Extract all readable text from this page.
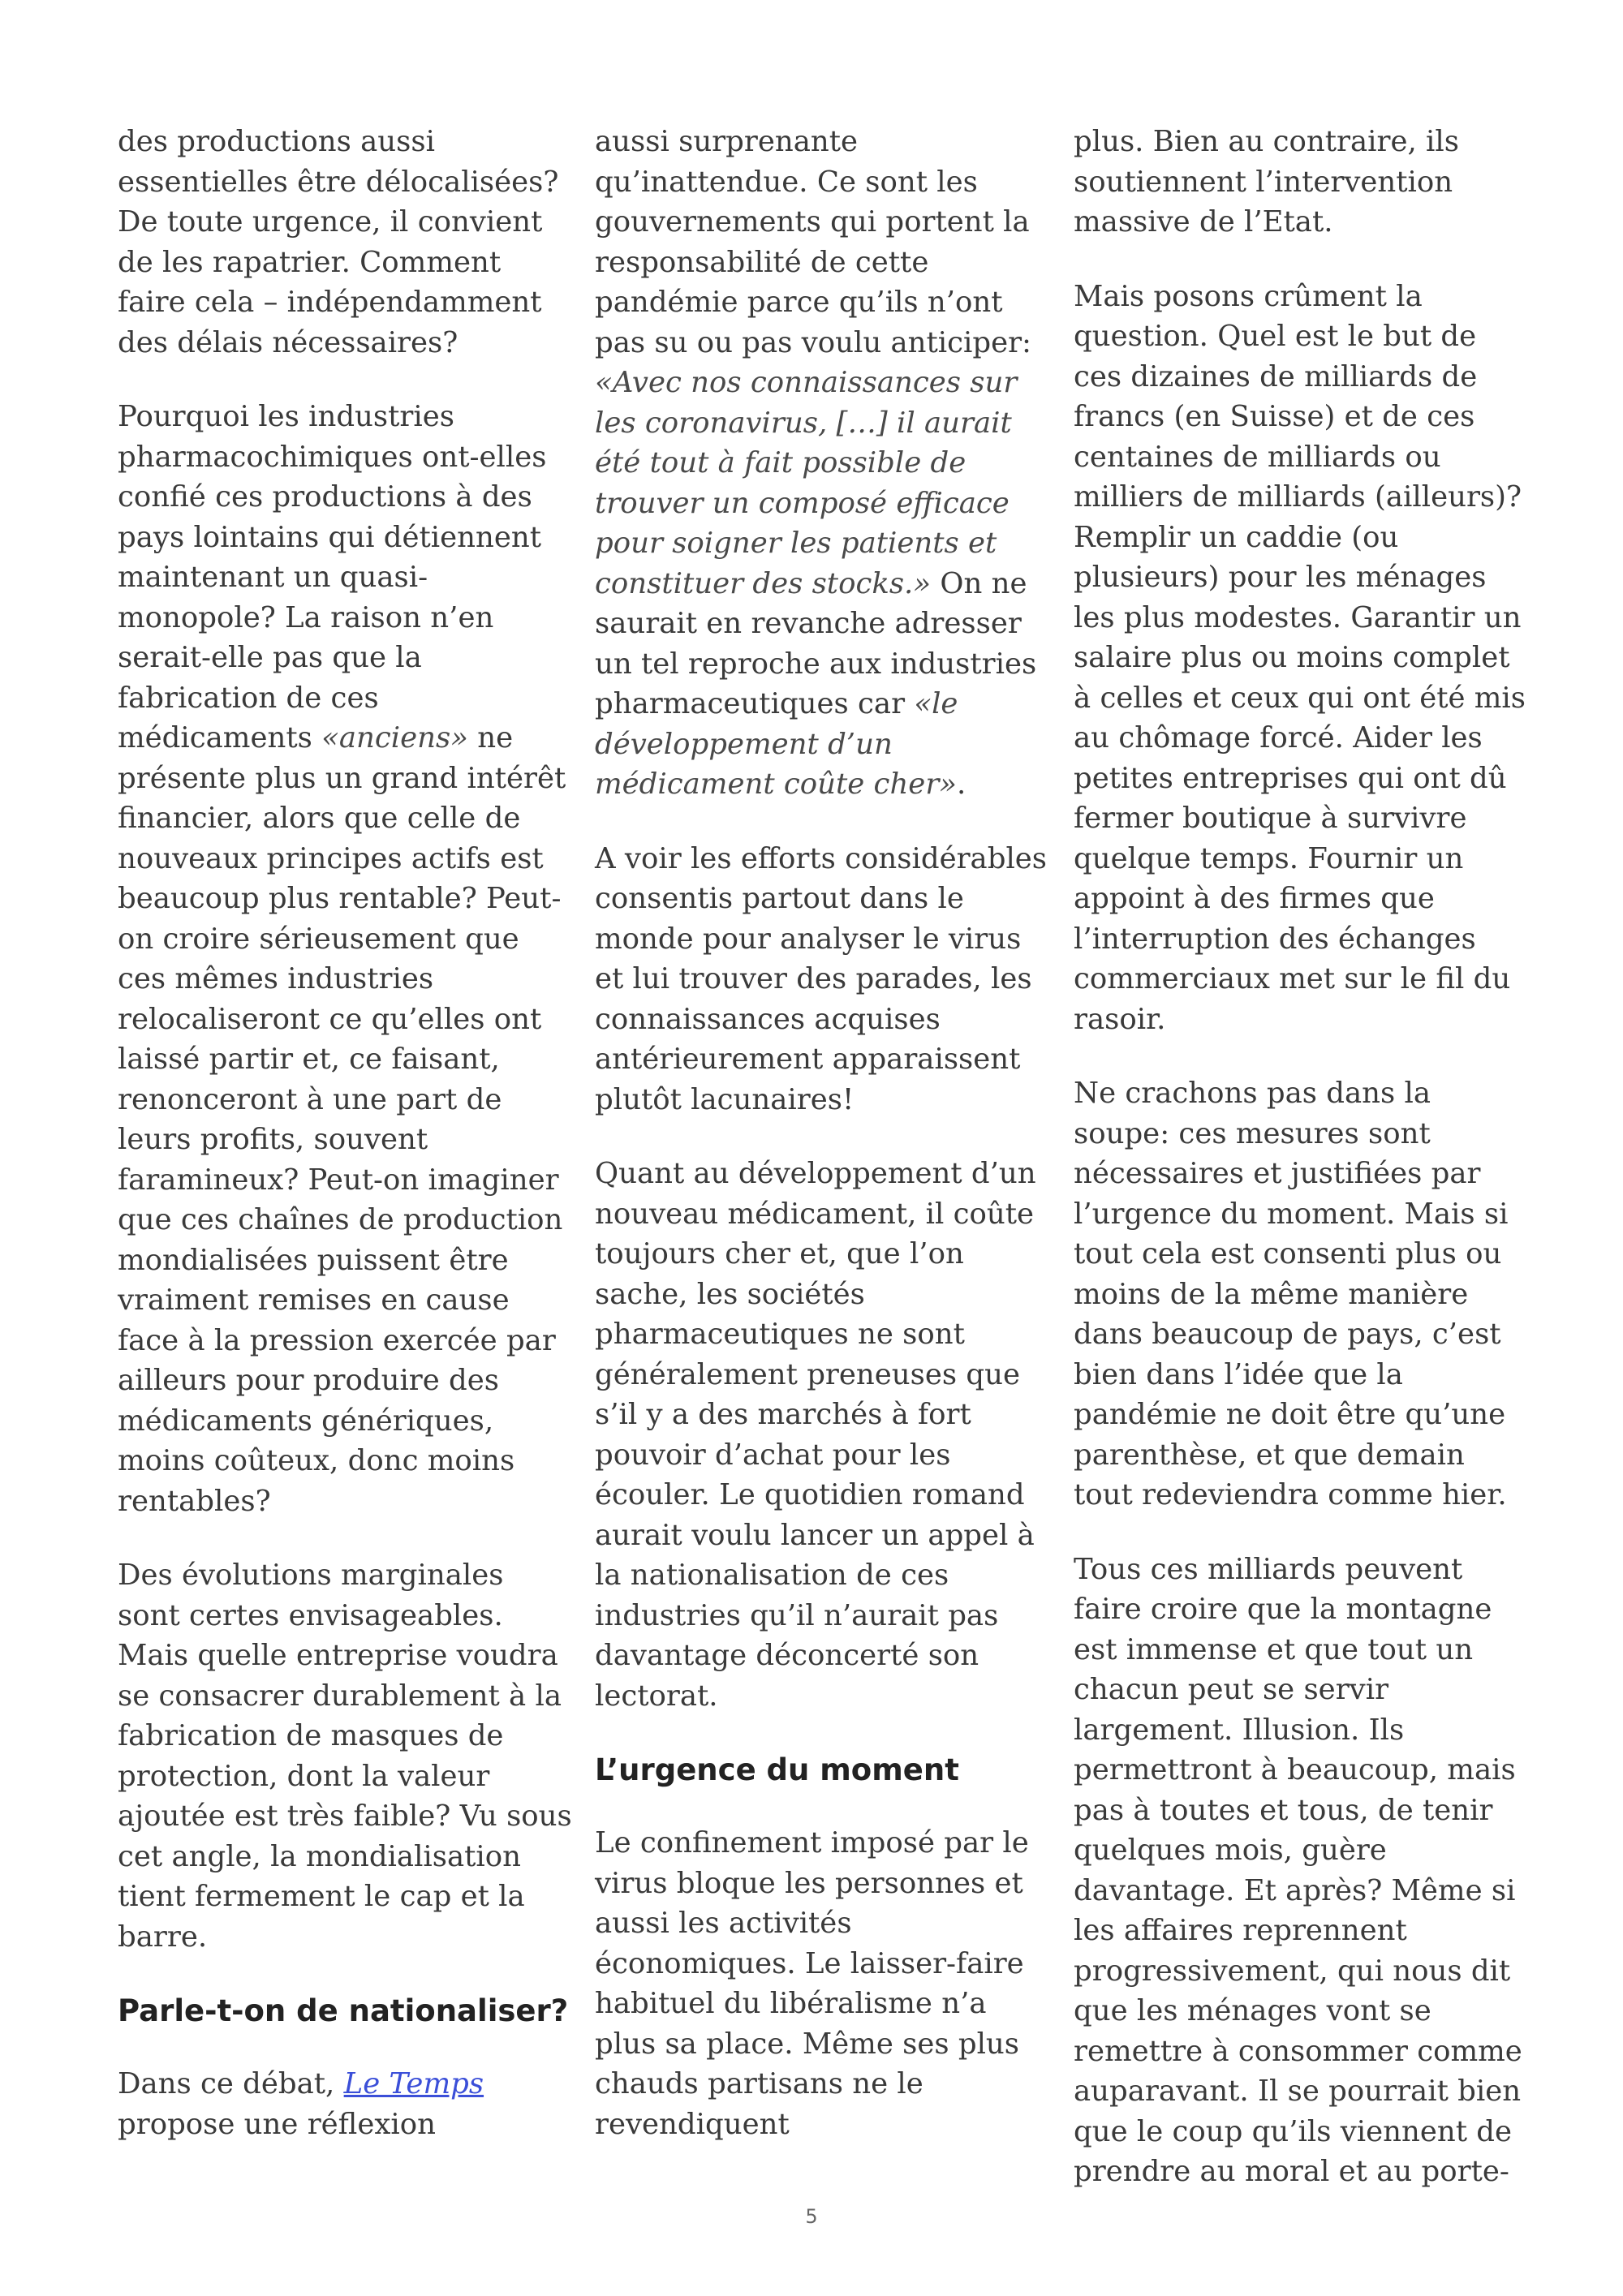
des productions aussi essentielles être délocalisées? De toute urgence, il convient de les rapatrier. Comment faire cela – indépendamment des délais nécessaires?

Pourquoi les industries pharmacochimiques ont-elles confié ces productions à des pays lointains qui détiennent maintenant un quasi-monopole? La raison n’en serait-elle pas que la fabrication de ces médicaments «anciens» ne présente plus un grand intérêt financier, alors que celle de nouveaux principes actifs est beaucoup plus rentable? Peut-on croire sérieusement que ces mêmes industries relocaliseront ce qu’elles ont laissé partir et, ce faisant, renonceront à une part de leurs profits, souvent faramineux? Peut-on imaginer que ces chaînes de production mondialisées puissent être vraiment remises en cause face à la pression exercée par ailleurs pour produire des médicaments génériques, moins coûteux, donc moins rentables?

Des évolutions marginales sont certes envisageables. Mais quelle entreprise voudra se consacrer durablement à la fabrication de masques de protection, dont la valeur ajoutée est très faible? Vu sous cet angle, la mondialisation tient fermement le cap et la barre.

Parle-t-on de nationaliser?

Dans ce débat, Le Temps propose une réflexion

aussi surprenante qu’inattendue. Ce sont les gouvernements qui portent la responsabilité de cette pandémie parce qu’ils n’ont pas su ou pas voulu anticiper: «Avec nos connaissances sur les coronavirus, […] il aurait été tout à fait possible de trouver un composé efficace pour soigner les patients et constituer des stocks.» On ne saurait en revanche adresser un tel reproche aux industries pharmaceutiques car «le développement d’un médicament coûte cher».

A voir les efforts considérables consentis partout dans le monde pour analyser le virus et lui trouver des parades, les connaissances acquises antérieurement apparaissent plutôt lacunaires!

Quant au développement d’un nouveau médicament, il coûte toujours cher et, que l’on sache, les sociétés pharmaceutiques ne sont généralement preneuses que s’il y a des marchés à fort pouvoir d’achat pour les écouler. Le quotidien romand aurait voulu lancer un appel à la nationalisation de ces industries qu’il n’aurait pas davantage déconcerté son lectorat.

L’urgence du moment

Le confinement imposé par le virus bloque les personnes et aussi les activités économiques. Le laisser-faire habituel du libéralisme n’a plus sa place. Même ses plus chauds partisans ne le revendiquent

plus. Bien au contraire, ils soutiennent l’intervention massive de l’Etat.

Mais posons crûment la question. Quel est le but de ces dizaines de milliards de francs (en Suisse) et de ces centaines de milliards ou milliers de milliards (ailleurs)? Remplir un caddie (ou plusieurs) pour les ménages les plus modestes. Garantir un salaire plus ou moins complet à celles et ceux qui ont été mis au chômage forcé. Aider les petites entreprises qui ont dû fermer boutique à survivre quelque temps. Fournir un appoint à des firmes que l’interruption des échanges commerciaux met sur le fil du rasoir.

Ne crachons pas dans la soupe: ces mesures sont nécessaires et justifiées par l’urgence du moment. Mais si tout cela est consenti plus ou moins de la même manière dans beaucoup de pays, c’est bien dans l’idée que la pandémie ne doit être qu’une parenthèse, et que demain tout redeviendra comme hier.

Tous ces milliards peuvent faire croire que la montagne est immense et que tout un chacun peut se servir largement. Illusion. Ils permettront à beaucoup, mais pas à toutes et tous, de tenir quelques mois, guère davantage. Et après? Même si les affaires reprennent progressivement, qui nous dit que les ménages vont se remettre à consommer comme auparavant. Il se pourrait bien que le coup qu’ils viennent de prendre au moral et au porte-

5
